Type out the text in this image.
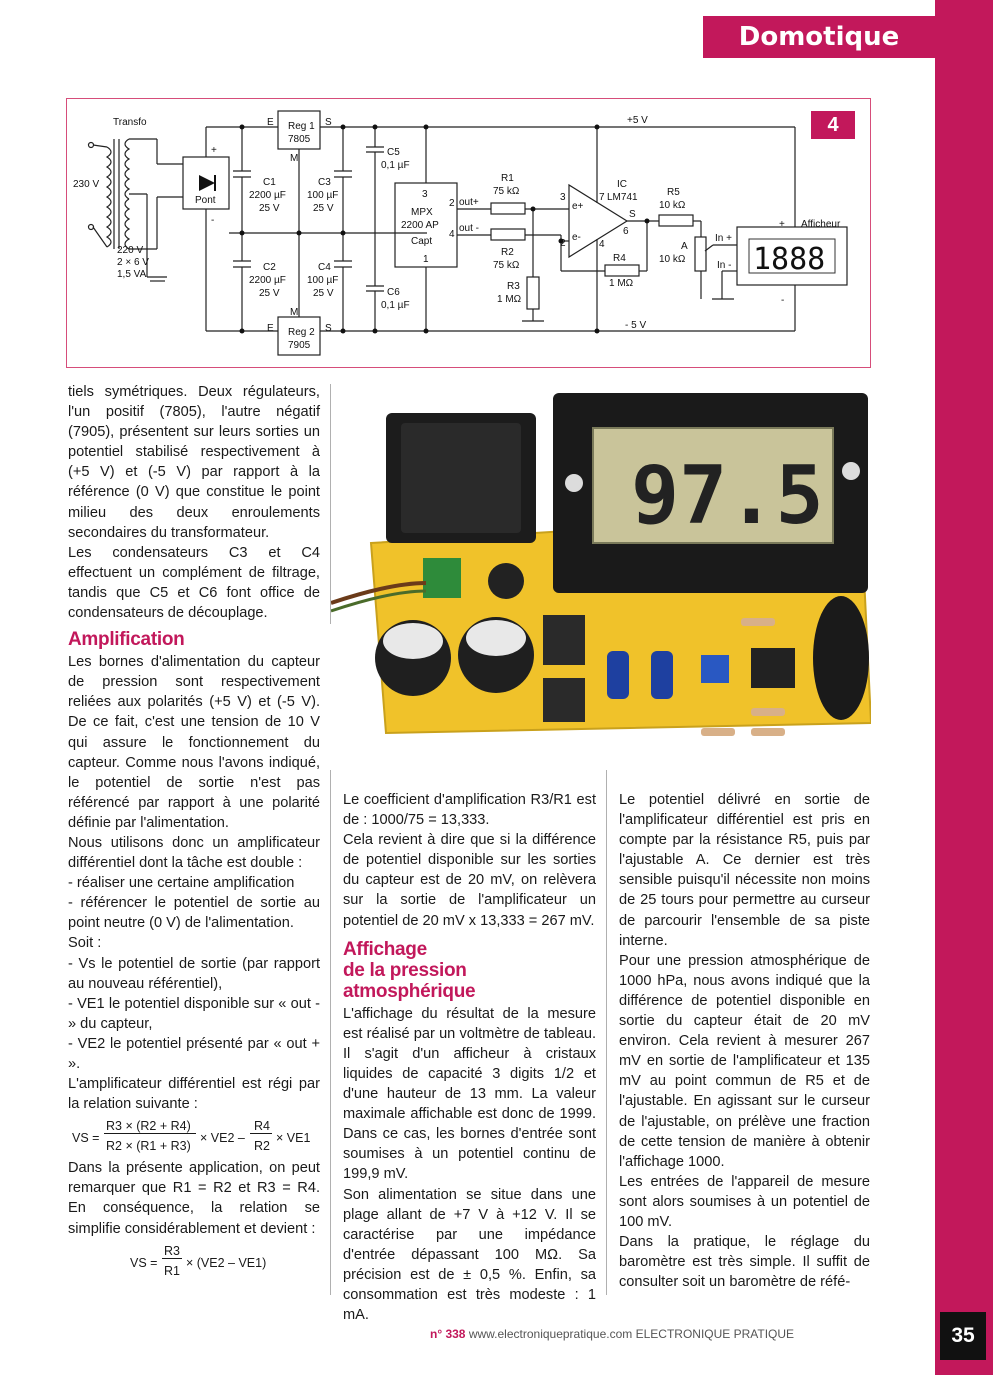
Domotique
4
Transfo
230 V
220 V
2 × 6 V
1,5 VA
Pont
Reg 1
7805
Reg 2
7905
E	S
M
E	S
M
C1
2200 µF
25 V
C2
2200 µF
25 V
C3
100 µF
25 V
C4
100 µF
25 V
C5
0,1 µF
C6
0,1 µF
3
MPX
2200 AP
Capt
1
2
4
out+
out -
R1
75 kΩ
R2
75 kΩ
R3
1 MΩ
R4
1 MΩ
R5
10 kΩ
A
10 kΩ
IC
LM741
3
2
7
4
6
e+
e-
S
+5 V
- 5 V
Afficheur
In +
In - 1888
+
-
+
-
97.5

tiels symétriques. Deux régulateurs, l'un positif (7805), l'autre négatif (7905), présentent sur leurs sorties un potentiel stabilisé respectivement à (+5 V) et (-5 V) par rapport à la référence (0 V) que constitue le point milieu des deux enroulements secondaires du transformateur.

Les condensateurs C3 et C4 effectuent un complément de filtrage, tandis que C5 et C6 font office de condensateurs de découplage.

Amplification

Les bornes d'alimentation du capteur de pression sont respectivement reliées aux polarités (+5 V) et (-5 V). De ce fait, c'est une tension de 10 V qui assure le fonctionnement du capteur. Comme nous l'avons indiqué, le potentiel de sortie n'est pas référencé par rapport à une polarité définie par l'alimentation.

Nous utilisons donc un amplificateur différentiel dont la tâche est double :

- réaliser une certaine amplification

- référencer le potentiel de sortie au point neutre (0 V) de l'alimentation.

Soit :

- Vs le potentiel de sortie (par rapport au nouveau référentiel),

- VE1 le potentiel disponible sur « out - » du capteur,

- VE2 le potentiel présenté par « out + ».

L'amplificateur différentiel est régi par la relation suivante :

VS =
R3 × (R2 + R4)
R2 × (R1 + R3)
× VE2 –
R4
R2
× VE1

Dans la présente application, on peut remarquer que R1 = R2 et R3 = R4. En conséquence, la relation se simplifie considérablement et devient :

VS =
R3
R1
× (VE2 – VE1)

Le coefficient d'amplification R3/R1 est de : 1000/75 = 13,333.

Cela revient à dire que si la différence de potentiel disponible sur les sorties du capteur est de 20 mV, on relèvera sur la sortie de l'amplificateur un potentiel de 20 mV x 13,333 = 267 mV.

Affichage
de la pression atmosphérique

L'affichage du résultat de la mesure est réalisé par un voltmètre de tableau. Il s'agit d'un afficheur à cristaux liquides de capacité 3 digits 1/2 et d'une hauteur de 13 mm. La valeur maximale affichable est donc de 1999. Dans ce cas, les bornes d'entrée sont soumises à un potentiel continu de 199,9 mV.

Son alimentation se situe dans une plage allant de +7 V à +12 V. Il se caractérise par une impédance d'entrée dépassant 100 MΩ. Sa précision est de ± 0,5 %. Enfin, sa consommation est très modeste : 1 mA.

Le potentiel délivré en sortie de l'amplificateur différentiel est pris en compte par la résistance R5, puis par l'ajustable A. Ce dernier est très sensible puisqu'il nécessite non moins de 25 tours pour permettre au curseur de parcourir l'ensemble de sa piste interne.

Pour une pression atmosphérique de 1000 hPa, nous avons indiqué que la différence de potentiel disponible en sortie du capteur était de 20 mV environ. Cela revient à mesurer 267 mV en sortie de l'amplificateur et 135 mV au point commun de R5 et de l'ajustable. En agissant sur le curseur de l'ajustable, on prélève une fraction de cette tension de manière à obtenir l'affichage 1000.

Les entrées de l'appareil de mesure sont alors soumises à un potentiel de 100 mV.

Dans la pratique, le réglage du baromètre est très simple. Il suffit de consulter soit un baromètre de réfé-

n° 338 www.electroniquepratique.com ELECTRONIQUE PRATIQUE	35
